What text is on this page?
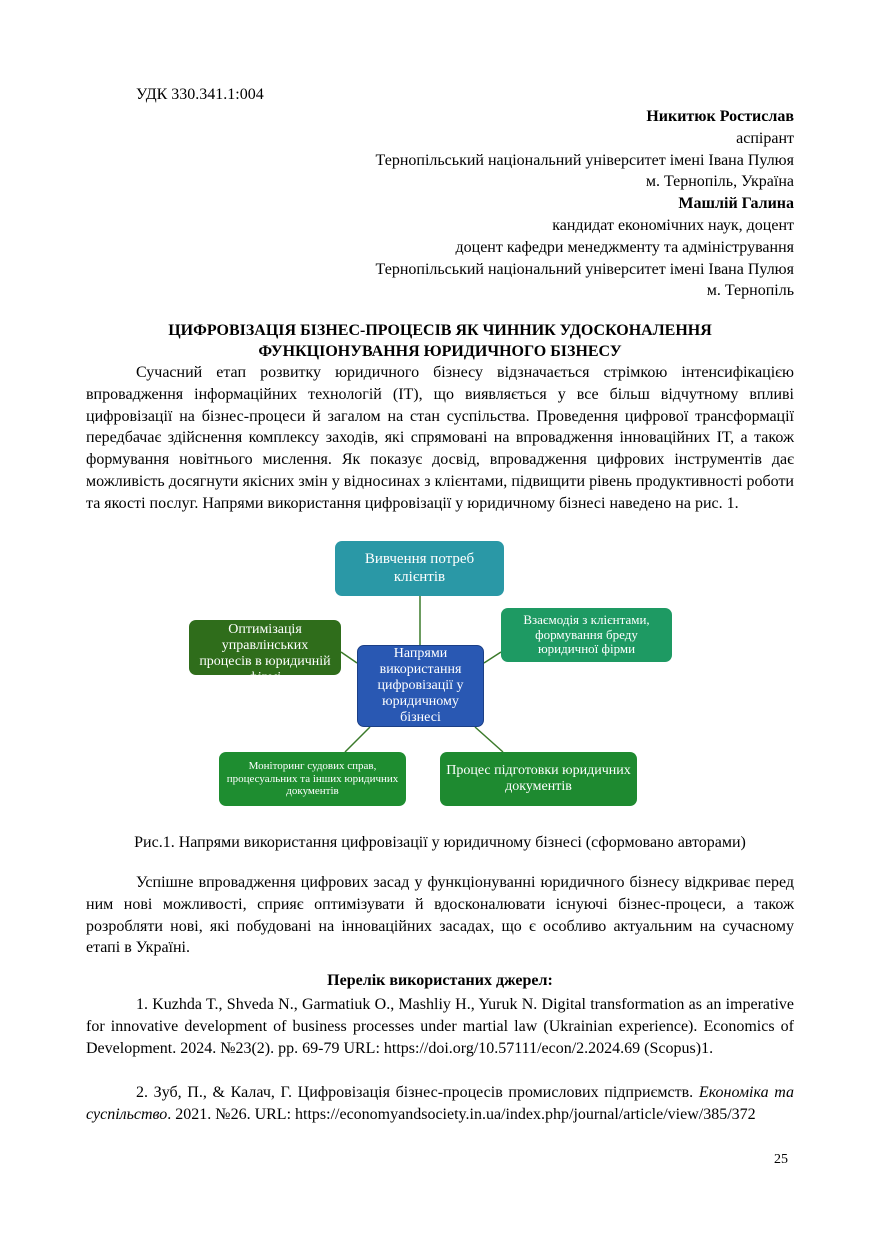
УДК 330.341.1:004
Никитюк Ростислав
аспірант
Тернопільський національний університет імені Івана Пулюя
м. Тернопіль, Україна
Машлій Галина
кандидат економічних наук, доцент
доцент кафедри менеджменту та адміністрування
Тернопільський національний університет імені Івана Пулюя
м. Тернопіль
ЦИФРОВІЗАЦІЯ БІЗНЕС-ПРОЦЕСІВ ЯК ЧИННИК УДОСКОНАЛЕННЯ
ФУНКЦІОНУВАННЯ ЮРИДИЧНОГО БІЗНЕСУ
Сучасний етап розвитку юридичного бізнесу відзначається стрімкою інтенсифікацією впровадження інформаційних технологій (ІТ), що виявляється у все більш відчутному впливі цифровізації на бізнес-процеси й загалом на стан суспільства. Проведення цифрової трансформації передбачає здійснення комплексу заходів, які спрямовані на впровадження інноваційних ІТ, а також формування новітнього мислення. Як показує досвід, впровадження цифрових інструментів дає можливість досягнути якісних змін у відносинах з клієнтами, підвищити рівень продуктивності роботи та якості послуг. Напрями використання цифровізації у юридичному бізнесі наведено на рис. 1.
Вивчення потреб клієнтів
Оптимізація управлінських процесів в юридичній фірмі
Взаємодія з клієнтами, формування бреду юридичної фірми
Напрями використання цифровізації у юридичному бізнесі
Моніторинг судових справ, процесуальних та інших юридичних документів
Процес підготовки юридичних документів
Рис.1. Напрями використання цифровізації у юридичному бізнесі (сформовано авторами)
Успішне впровадження цифрових засад у функціонуванні юридичного бізнесу відкриває перед ним нові можливості, сприяє оптимізувати й вдосконалювати існуючі бізнес-процеси, а також розробляти нові, які побудовані на інноваційних засадах, що є особливо актуальним на сучасному етапі в Україні.
Перелік використаних джерел:
1. Kuzhda T., Shveda N., Garmatiuk O., Mashliy H., Yuruk N. Digital transformation as an imperative for innovative development of business processes under martial law (Ukrainian experience). Economics of Development. 2024. №23(2). pp. 69-79 URL: https://doi.org/10.57111/econ/2.2024.69 (Scopus)1.
2. Зуб, П., & Калач, Г. Цифровізація бізнес-процесів промислових підприємств. Економіка та суспільство. 2021. №26. URL: https://economyandsociety.in.ua/index.php/journal/article/view/385/372
25
